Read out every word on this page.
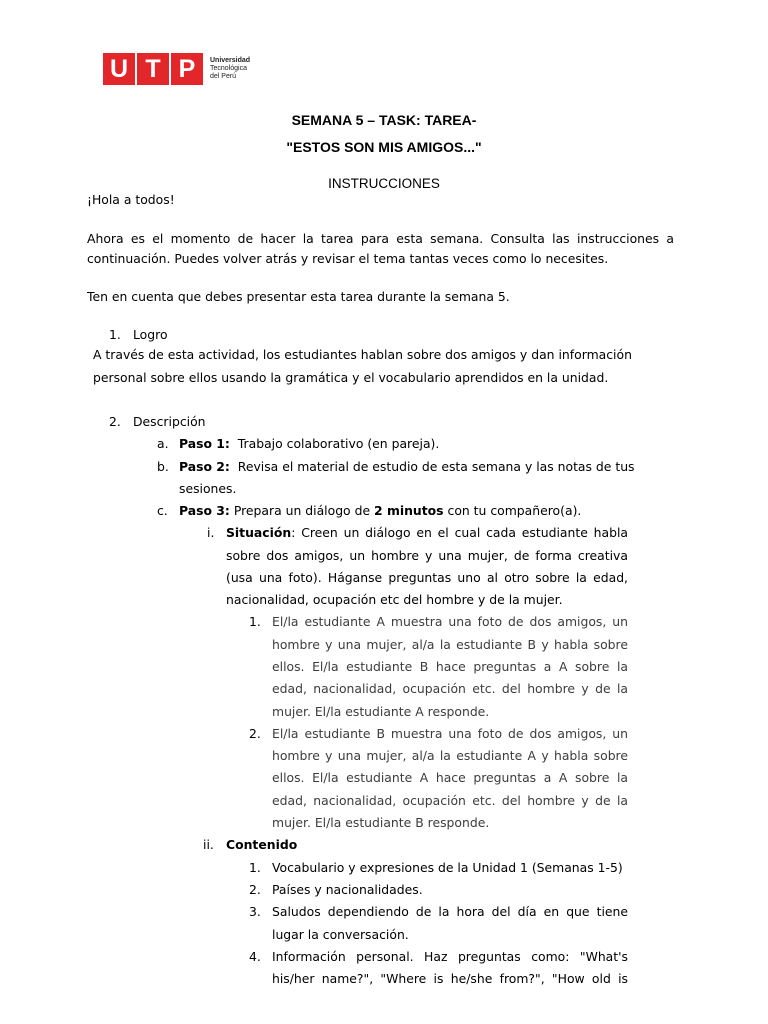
U T P	Universidad
Tecnológica
del Perú
SEMANA 5 – TASK: TAREA-
"ESTOS SON MIS AMIGOS..."
INSTRUCCIONES
¡Hola a todos!
Ahora es el momento de hacer la tarea para esta semana. Consulta las instrucciones a
continuación. Puedes volver atrás y revisar el tema tantas veces como lo necesites.
Ten en cuenta que debes presentar esta tarea durante la semana 5.
1. Logro
A través de esta actividad, los estudiantes hablan sobre dos amigos y dan información
personal sobre ellos usando la gramática y el vocabulario aprendidos en la unidad.
2. Descripción
a. Paso 1: Trabajo colaborativo (en pareja).
b. Paso 2: Revisa el material de estudio de esta semana y las notas de tus
sesiones.
c. Paso 3: Prepara un diálogo de 2 minutos con tu compañero(a).
i. Situación: Creen un diálogo en el cual cada estudiante habla
sobre dos amigos, un hombre y una mujer, de forma creativa
(usa una foto). Háganse preguntas uno al otro sobre la edad,
nacionalidad, ocupación etc del hombre y de la mujer.
1. El/la estudiante A muestra una foto de dos amigos, un
hombre y una mujer, al/a la estudiante B y habla sobre
ellos. El/la estudiante B hace preguntas a A sobre la
edad, nacionalidad, ocupación etc. del hombre y de la
mujer. El/la estudiante A responde.
2. El/la estudiante B muestra una foto de dos amigos, un
hombre y una mujer, al/a la estudiante A y habla sobre
ellos. El/la estudiante A hace preguntas a A sobre la
edad, nacionalidad, ocupación etc. del hombre y de la
mujer. El/la estudiante B responde.
ii. Contenido
1. Vocabulario y expresiones de la Unidad 1 (Semanas 1-5)
2. Países y nacionalidades.
3. Saludos dependiendo de la hora del día en que tiene
lugar la conversación.
4. Información personal. Haz preguntas como: "What's
his/her name?", "Where is he/she from?", "How old is
